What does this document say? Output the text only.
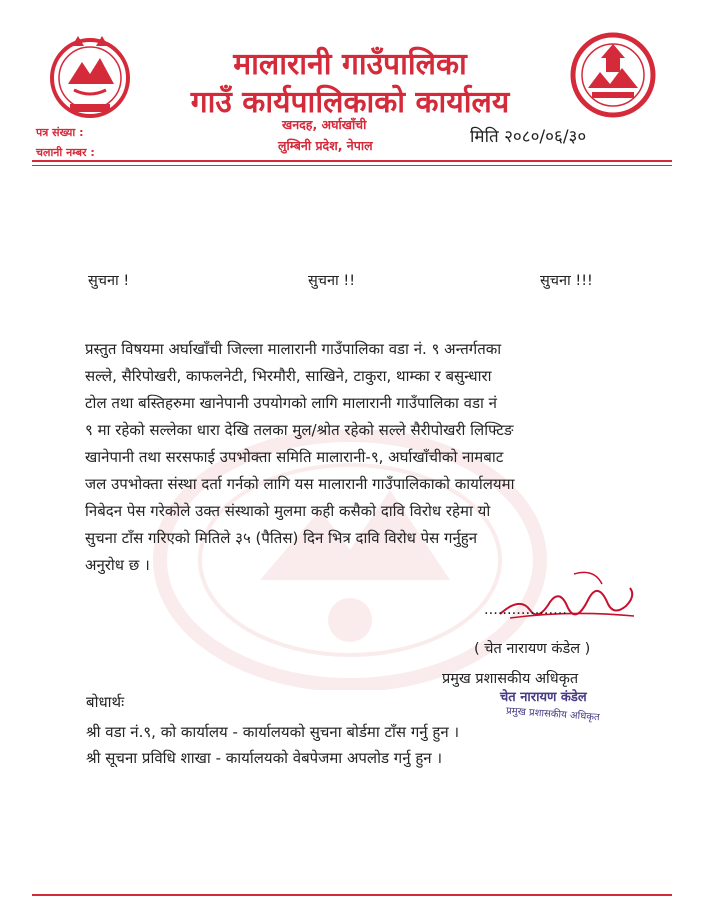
मालारानी गाउँपालिका
गाउँ कार्यपालिकाको कार्यालय
खनदह, अर्घाखाँची
लुम्बिनी प्रदेश, नेपाल
पत्र संख्या :
चलानी नम्बर :
मिति २०८०/०६/३०
सुचना !	सुचना !!	सुचना !!!
प्रस्तुत विषयमा अर्घाखाँची जिल्ला मालारानी गाउँपालिका वडा नं. ९ अन्तर्गतका
सल्ले, सैरिपोखरी, काफलनेटी, भिरमौरी, साखिने, टाकुरा, थाम्का र बसुन्धारा
टोल तथा बस्तिहरुमा खानेपानी उपयोगको लागि मालारानी गाउँपालिका वडा नं
९ मा रहेको सल्लेका धारा देखि तलका मुल/श्रोत रहेको सल्ले सैरीपोखरी लिफ्टिङ
खानेपानी तथा सरसफाई उपभोक्ता समिति मालारानी-९, अर्घाखाँचीको नामबाट
जल उपभोक्ता संस्था दर्ता गर्नको लागि यस मालारानी गाउँपालिकाको कार्यालयमा
निबेदन पेस गरेकोले उक्त संस्थाको मुलमा कही कसैको दावि विरोध रहेमा यो
सुचना टाँस गरिएको मितिले ३५ (पैतिस) दिन भित्र दावि विरोध पेस गर्नुहुन
अनुरोध छ ।
..................
( चेत नारायण कंडेल )
प्रमुख प्रशासकीय अधिकृत
चेत नारायण कंडेल
प्रमुख प्रशासकीय अधिकृत
बोधार्थः
श्री वडा नं.९, को कार्यालय - कार्यालयको सुचना बोर्डमा टाँस गर्नु हुन ।
श्री सूचना प्रविधि शाखा - कार्यालयको वेबपेजमा अपलोड गर्नु हुन ।
